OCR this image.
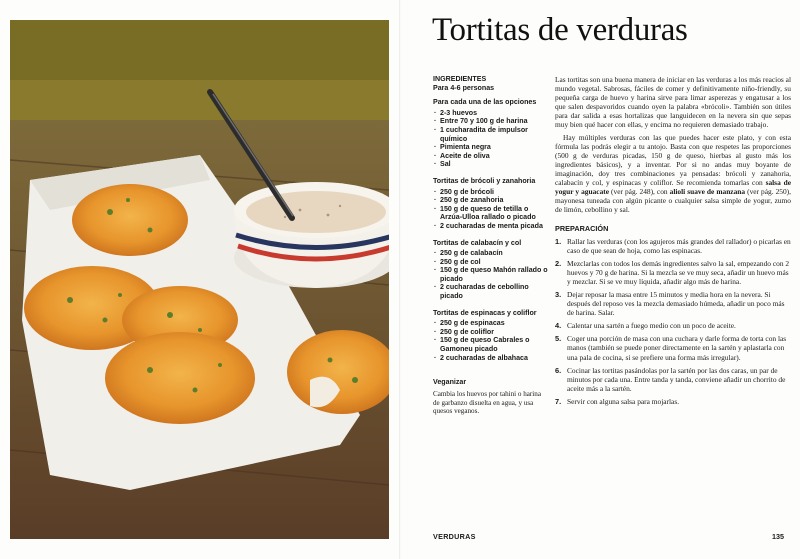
Tortitas de verduras
INGREDIENTES
Para 4-6 personas
Para cada una de las opciones
· 2-3 huevos
· Entre 70 y 100 g de harina
· 1 cucharadita de impulsor químico
· Pimienta negra
· Aceite de oliva
· Sal
Tortitas de brócoli y zanahoria
· 250 g de brócoli
· 250 g de zanahoria
· 150 g de queso de tetilla o Arzúa-Ulloa rallado o picado
· 2 cucharadas de menta picada
Tortitas de calabacín y col
· 250 g de calabacín
· 250 g de col
· 150 g de queso Mahón rallado o picado
· 2 cucharadas de cebollino picado
Tortitas de espinacas y coliflor
· 250 g de espinacas
· 250 g de coliflor
· 150 g de queso Cabrales o Gamoneu picado
· 2 cucharadas de albahaca
Veganizar

Cambia los huevos por tahini o harina de garbanzo disuelta en agua, y usa quesos veganos.

Las tortitas son una buena manera de iniciar en las verduras a los más reacios al mundo vegetal. Sabrosas, fáciles de comer y definitivamente niño-friendly, su pequeña carga de huevo y harina sirve para limar asperezas y engatusar a los que salen despavoridos cuando oyen la palabra «brócoli». También son útiles para dar salida a esas hortalizas que languidecen en la nevera sin que sepas muy bien qué hacer con ellas, y encima no requieren demasiado trabajo.

Hay múltiples verduras con las que puedes hacer este plato, y con esta fórmula las podrás elegir a tu antojo. Basta con que respetes las proporciones (500 g de verduras picadas, 150 g de queso, hierbas al gusto más los ingredientes básicos), y a inventar. Por si no andas muy boyante de imaginación, doy tres combinaciones ya pensadas: brócoli y zanahoria, calabacín y col, y espinacas y coliflor. Se recomienda tomarlas con salsa de yogur y aguacate (ver pág. 248), con alioli suave de manzana (ver pág. 250), mayonesa tuneada con algún picante o cualquier salsa simple de yogur, zumo de limón, cebollino y sal.

PREPARACIÓN
1. Rallar las verduras (con los agujeros más grandes del rallador) o picarlas en caso de que sean de hoja, como las espinacas.
2. Mezclarlas con todos los demás ingredientes salvo la sal, empezando con 2 huevos y 70 g de harina. Si la mezcla se ve muy seca, añadir un huevo más y mezclar. Si se ve muy líquida, añadir algo más de harina.
3. Dejar reposar la masa entre 15 minutos y media hora en la nevera. Si después del reposo ves la mezcla demasiado húmeda, añadir un poco más de harina. Salar.
4. Calentar una sartén a fuego medio con un poco de aceite.
5. Coger una porción de masa con una cuchara y darle forma de torta con las manos (también se puede poner directamente en la sartén y aplastarla con una pala de cocina, si se prefiere una forma más irregular).
6. Cocinar las tortitas pasándolas por la sartén por las dos caras, un par de minutos por cada una. Entre tanda y tanda, conviene añadir un chorrito de aceite más a la sartén.
7. Servir con alguna salsa para mojarlas.
VERDURAS	135
